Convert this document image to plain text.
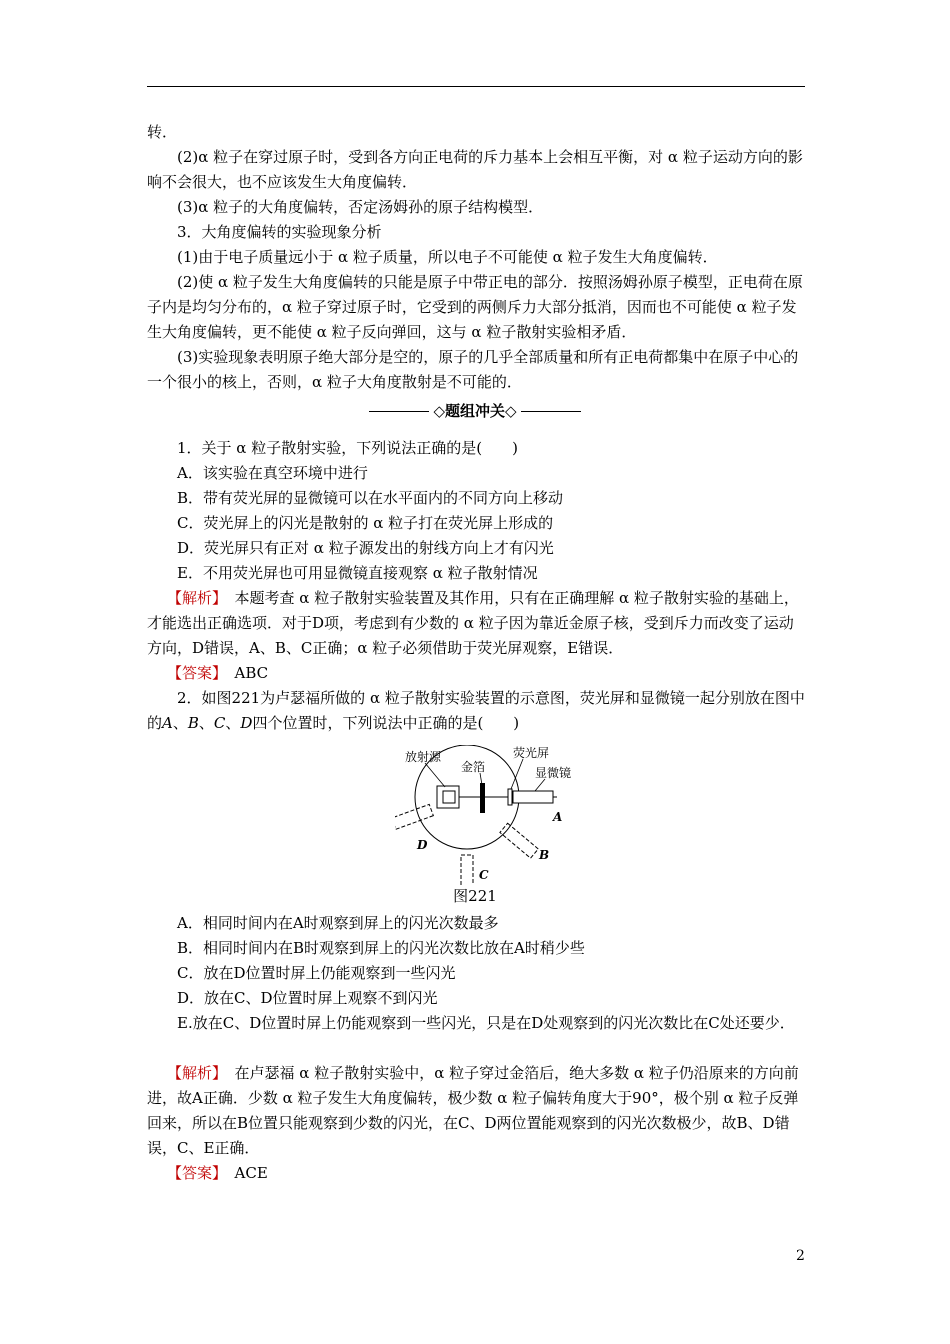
转．

(2)α 粒子在穿过原子时，受到各方向正电荷的斥力基本上会相互平衡，对 α 粒子运动方向的影响不会很大，也不应该发生大角度偏转．

(3)α 粒子的大角度偏转，否定汤姆孙的原子结构模型．

3．大角度偏转的实验现象分析

(1)由于电子质量远小于 α 粒子质量，所以电子不可能使 α 粒子发生大角度偏转．

(2)使 α 粒子发生大角度偏转的只能是原子中带正电的部分．按照汤姆孙原子模型，正电荷在原子内是均匀分布的，α 粒子穿过原子时，它受到的两侧斥力大部分抵消，因而也不可能使 α 粒子发生大角度偏转，更不能使 α 粒子反向弹回，这与 α 粒子散射实验相矛盾．

(3)实验现象表明原子绝大部分是空的，原子的几乎全部质量和所有正电荷都集中在原子中心的一个很小的核上，否则，α 粒子大角度散射是不可能的．

◇题组冲关◇

1．关于 α 粒子散射实验，下列说法正确的是(　　)

A．该实验在真空环境中进行

B．带有荧光屏的显微镜可以在水平面内的不同方向上移动

C．荧光屏上的闪光是散射的 α 粒子打在荧光屏上形成的

D．荧光屏只有正对 α 粒子源发出的射线方向上才有闪光

E．不用荧光屏也可用显微镜直接观察 α 粒子散射情况

【解析】　 本题考查 α 粒子散射实验装置及其作用，只有在正确理解 α 粒子散射实验的基础上，才能选出正确选项．对于D项，考虑到有少数的 α 粒子因为靠近金原子核，受到斥力而改变了运动方向，D错误，A、B、C正确；α 粒子必须借助于荧光屏观察，E错误．

【答案】　 ABC

2．如图221为卢瑟福所做的 α 粒子散射实验装置的示意图，荧光屏和显微镜一起分别放在图中的A、B、C、D四个位置时，下列说法中正确的是(　　)

放射源
金箔
荧光屏
显微镜
A
B
C
D
图221

A．相同时间内在A时观察到屏上的闪光次数最多

B．相同时间内在B时观察到屏上的闪光次数比放在A时稍少些

C．放在D位置时屏上仍能观察到一些闪光

D．放在C、D位置时屏上观察不到闪光

E.放在C、D位置时屏上仍能观察到一些闪光，只是在D处观察到的闪光次数比在C处还要少．

【解析】　 在卢瑟福 α 粒子散射实验中，α 粒子穿过金箔后，绝大多数 α 粒子仍沿原来的方向前进，故A正确．少数 α 粒子发生大角度偏转，极少数 α 粒子偏转角度大于90°，极个别 α 粒子反弹回来，所以在B位置只能观察到少数的闪光，在C、D两位置能观察到的闪光次数极少，故B、D错误，C、E正确．

【答案】　 ACE

2
